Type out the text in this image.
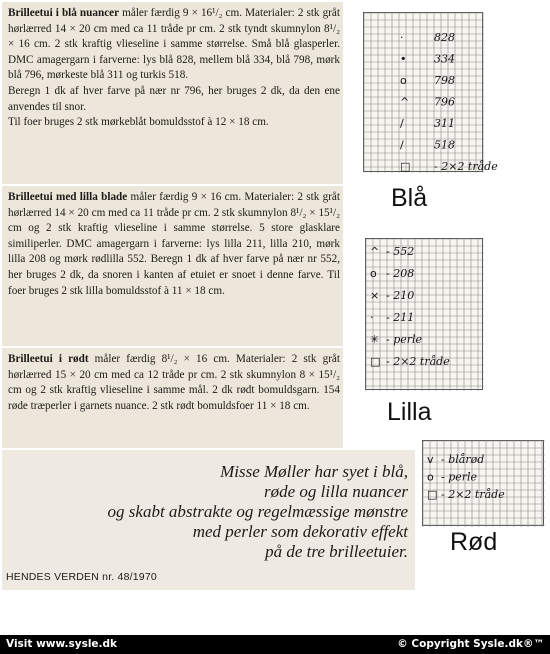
Brilleetui i blå nuancer måler færdig 9 × 16¹/₂ cm. Materialer: 2 stk gråt hørlærred 14 × 20 cm med ca 11 tråde pr cm. 2 stk tyndt skumnylon 8¹/₂ × 16 cm. 2 stk kraftig vlieseline i samme størrelse. Små blå glasperler. DMC amagergarn i farverne: lys blå 828, mellem blå 334, blå 798, mørk blå 796, mørkeste blå 311 og turkis 518.
Beregn 1 dk af hver farve på nær nr 796, her bruges 2 dk, da den ene anvendes til snor.
Til foer bruges 2 stk mørkeblåt bomuldsstof à 12 × 18 cm.

Brilleetui med lilla blade måler færdig 9 × 16 cm. Materialer: 2 stk gråt hørlærred 14 × 20 cm med ca 11 tråde pr cm. 2 stk skumnylon 8¹/₂ × 15¹/₂ cm og 2 stk kraftig vlieseline i samme størrelse. 5 store glasklare similiperler. DMC amagergarn i farverne: lys lilla 211, lilla 210, mørk lilla 208 og mørk rødlilla 552. Beregn 1 dk af hver farve på nær nr 552, her bruges 2 dk, da snoren i kanten af etuiet er snoet i denne farve. Til foer bruges 2 stk lilla bomuldsstof à 11 × 18 cm.

Brilleetui i rødt måler færdig 8¹/₂ × 16 cm. Materialer: 2 stk gråt hørlærred 15 × 20 cm med ca 12 tråde pr cm. 2 stk skumnylon 8 × 15¹/₂ cm og 2 stk kraftig vlieseline i samme mål. 2 dk rødt bomuldsgarn. 154 røde træperler i garnets nuance. 2 stk rødt bomuldsfoer 11 × 18 cm.

Misse Møller har syet i blå,
røde og lilla nuancer
og skabt abstrakte og regelmæssige mønstre
med perler som dekorativ effekt
på de tre brilleetuier.
HENDES VERDEN nr. 48/1970
·	828
•	334
o 798
^ 796
/	311
/	518
□ - 2×2 tråde
Blå
^ - 552
o - 208
× - 210
· - 211
✳ - perle
□ - 2×2 tråde
Lilla
v - blårød
o - perle
□ - 2×2 tråde
Rød
Visit www.sysle.dk	© Copyright Sysle.dk®™
